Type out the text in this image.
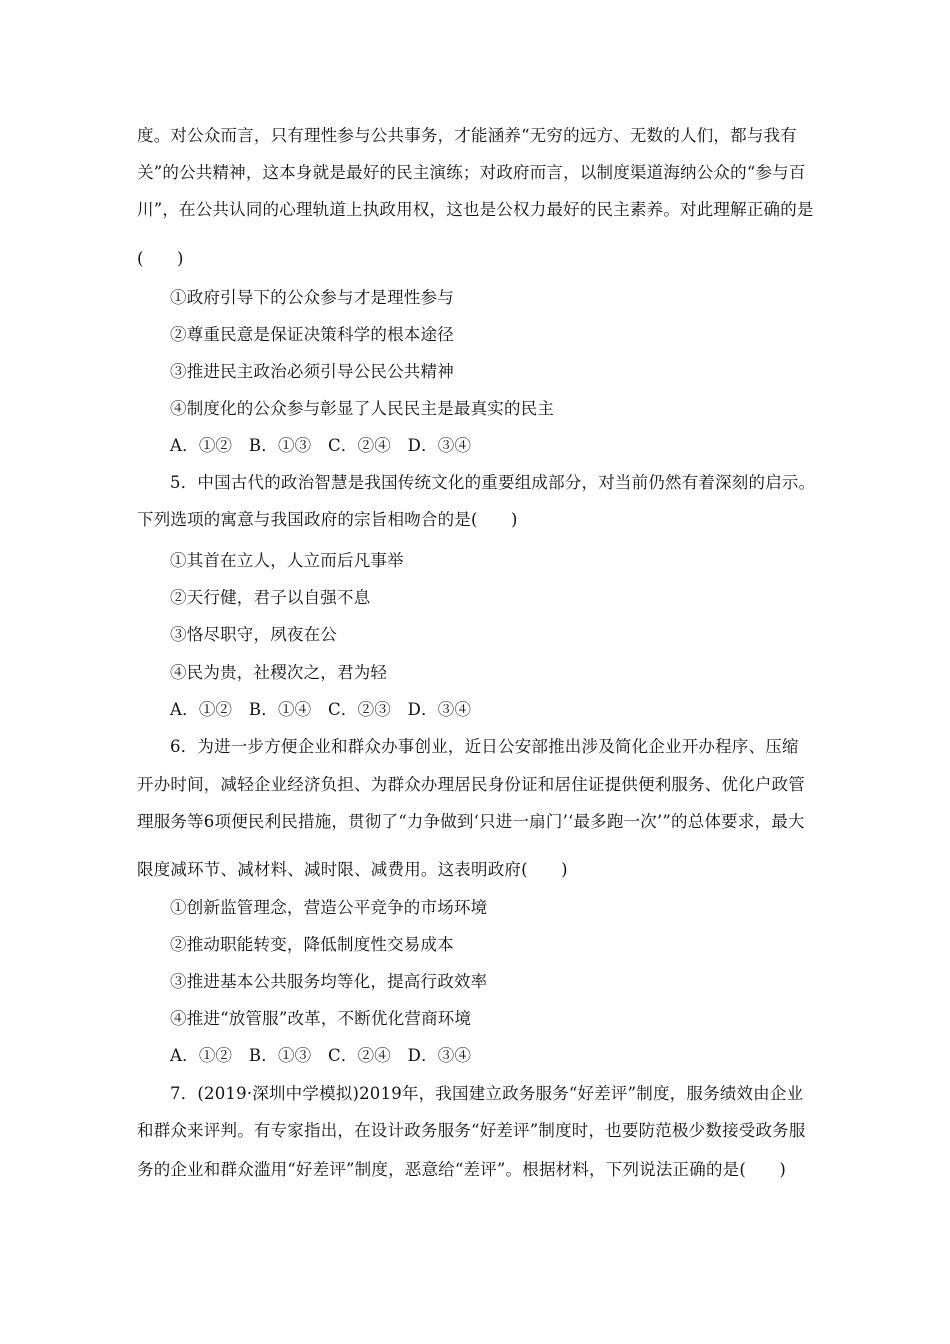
度。对公众而言，只有理性参与公共事务，才能涵养“无穷的远方、无数的人们，都与我有
关”的公共精神，这本身就是最好的民主演练；对政府而言，以制度渠道海纳公众的“参与百
川”，在公共认同的心理轨道上执政用权，这也是公权力最好的民主素养。对此理解正确的是
(　　)
①政府引导下的公众参与才是理性参与
②尊重民意是保证决策科学的根本途径
③推进民主政治必须引导公民公共精神
④制度化的公众参与彰显了人民民主是最真实的民主
A．①②　B．①③　C．②④　D．③④
5．中国古代的政治智慧是我国传统文化的重要组成部分，对当前仍然有着深刻的启示。
下列选项的寓意与我国政府的宗旨相吻合的是(　　)
①其首在立人，人立而后凡事举
②天行健，君子以自强不息
③恪尽职守，夙夜在公
④民为贵，社稷次之，君为轻
A．①②　B．①④　C．②③　D．③④
6．为进一步方便企业和群众办事创业，近日公安部推出涉及简化企业开办程序、压缩
开办时间，减轻企业经济负担、为群众办理居民身份证和居住证提供便利服务、优化户政管
理服务等6项便民利民措施，贯彻了“力争做到‘只进一扇门’‘最多跑一次’”的总体要求，最大
限度减环节、减材料、减时限、减费用。这表明政府(　　)
①创新监管理念，营造公平竞争的市场环境
②推动职能转变，降低制度性交易成本
③推进基本公共服务均等化，提高行政效率
④推进“放管服”改革，不断优化营商环境
A．①②　B．①③　C．②④　D．③④
7．(2019·深圳中学模拟)2019年，我国建立政务服务“好差评”制度，服务绩效由企业
和群众来评判。有专家指出，在设计政务服务“好差评”制度时，也要防范极少数接受政务服
务的企业和群众滥用“好差评”制度，恶意给“差评”。根据材料，下列说法正确的是(　　)
